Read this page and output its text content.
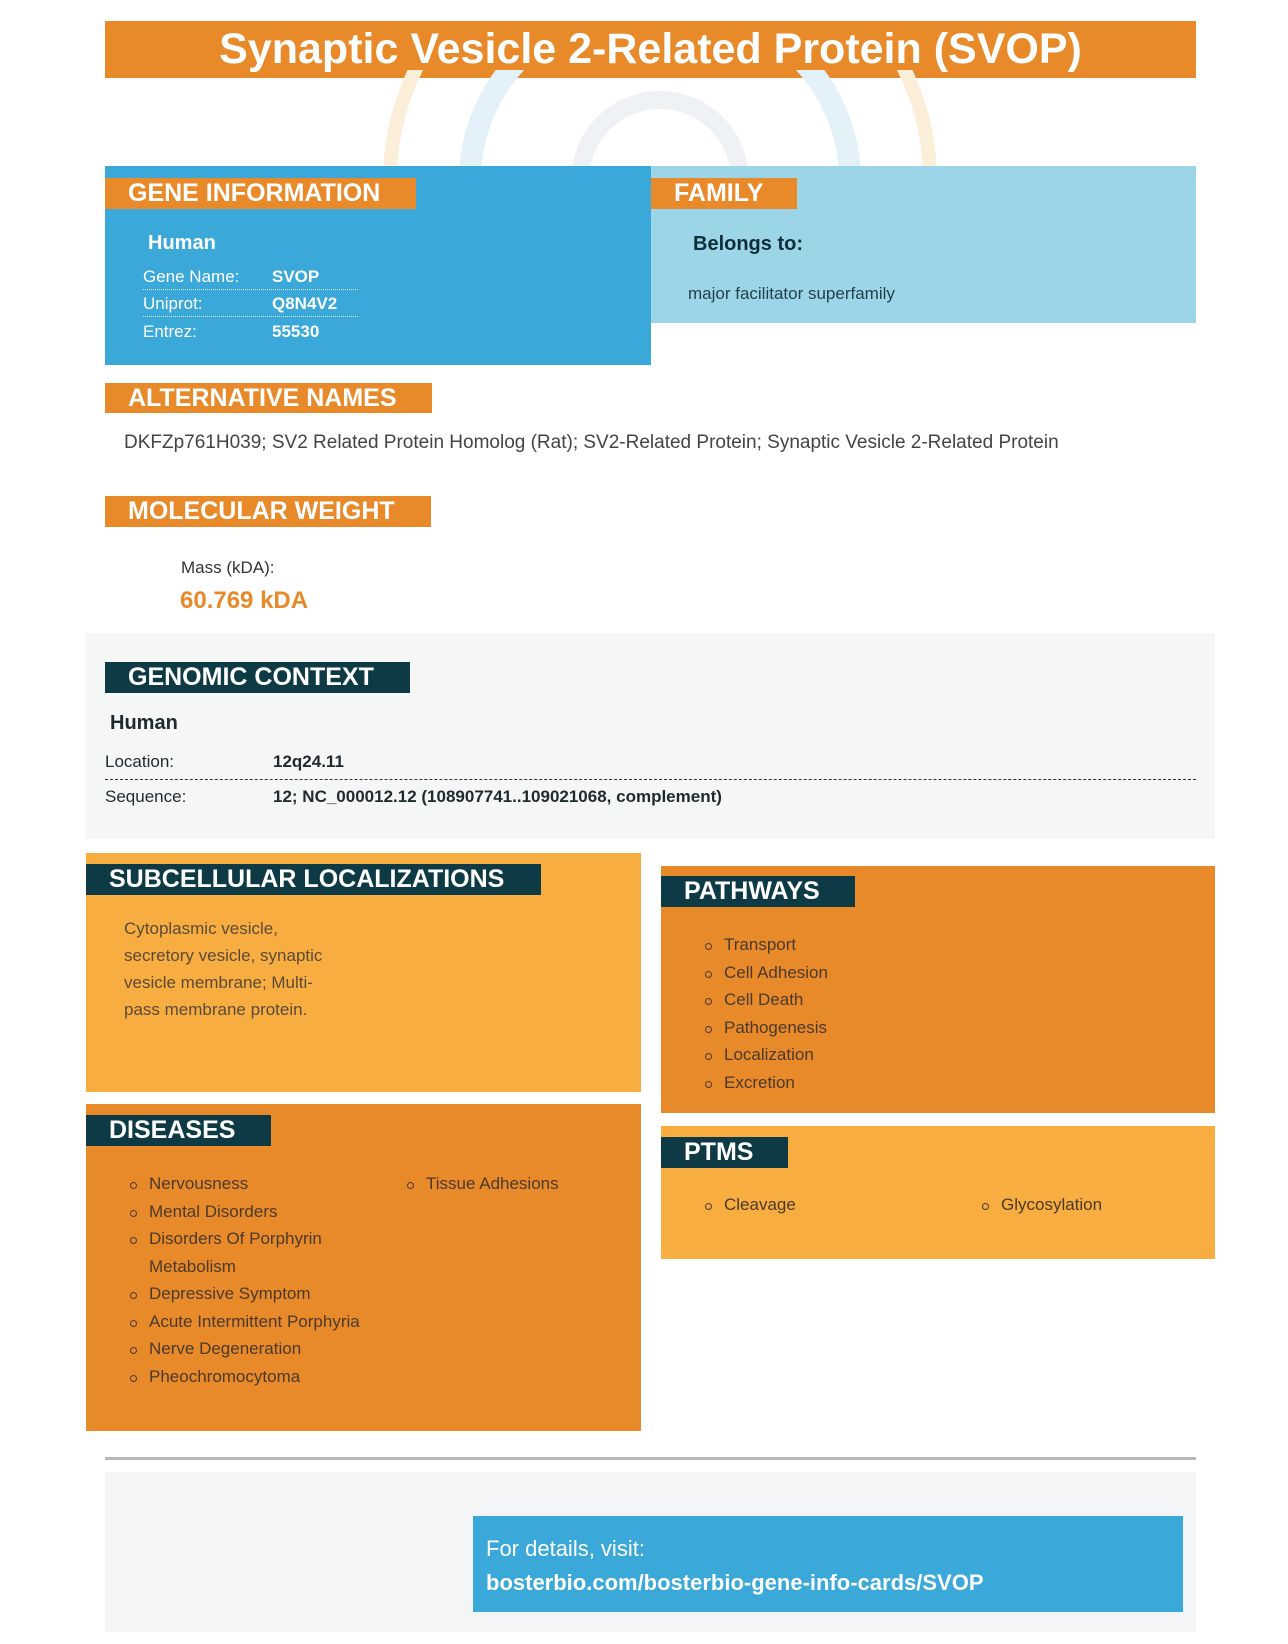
Synaptic Vesicle 2-Related Protein (SVOP)
GENE INFORMATION	FAMILY
Human
Gene Name: SVOP
Uniprot:	Q8N4V2
Entrez:	55530
Belongs to:
major facilitator superfamily
ALTERNATIVE NAMES
DKFZp761H039; SV2 Related Protein Homolog (Rat); SV2-Related Protein; Synaptic Vesicle 2-Related Protein
MOLECULAR WEIGHT
Mass (kDA):
60.769 kDA
GENOMIC CONTEXT
Human
Location:	12q24.11
Sequence:	12; NC_000012.12 (108907741..109021068, complement)
SUBCELLULAR LOCALIZATIONS
Cytoplasmic vesicle, secretory vesicle, synaptic vesicle membrane; Multi-pass membrane protein.
PATHWAYS
Transport
Cell Adhesion
Cell Death
Pathogenesis
Localization
Excretion
PTMS
Cleavage	Glycosylation
DISEASES
Nervousness
Mental Disorders
Disorders Of Porphyrin Metabolism
Depressive Symptom
Acute Intermittent Porphyria
Nerve Degeneration
Pheochromocytoma
Tissue Adhesions
For details, visit:
bosterbio.com/bosterbio-gene-info-cards/SVOP
